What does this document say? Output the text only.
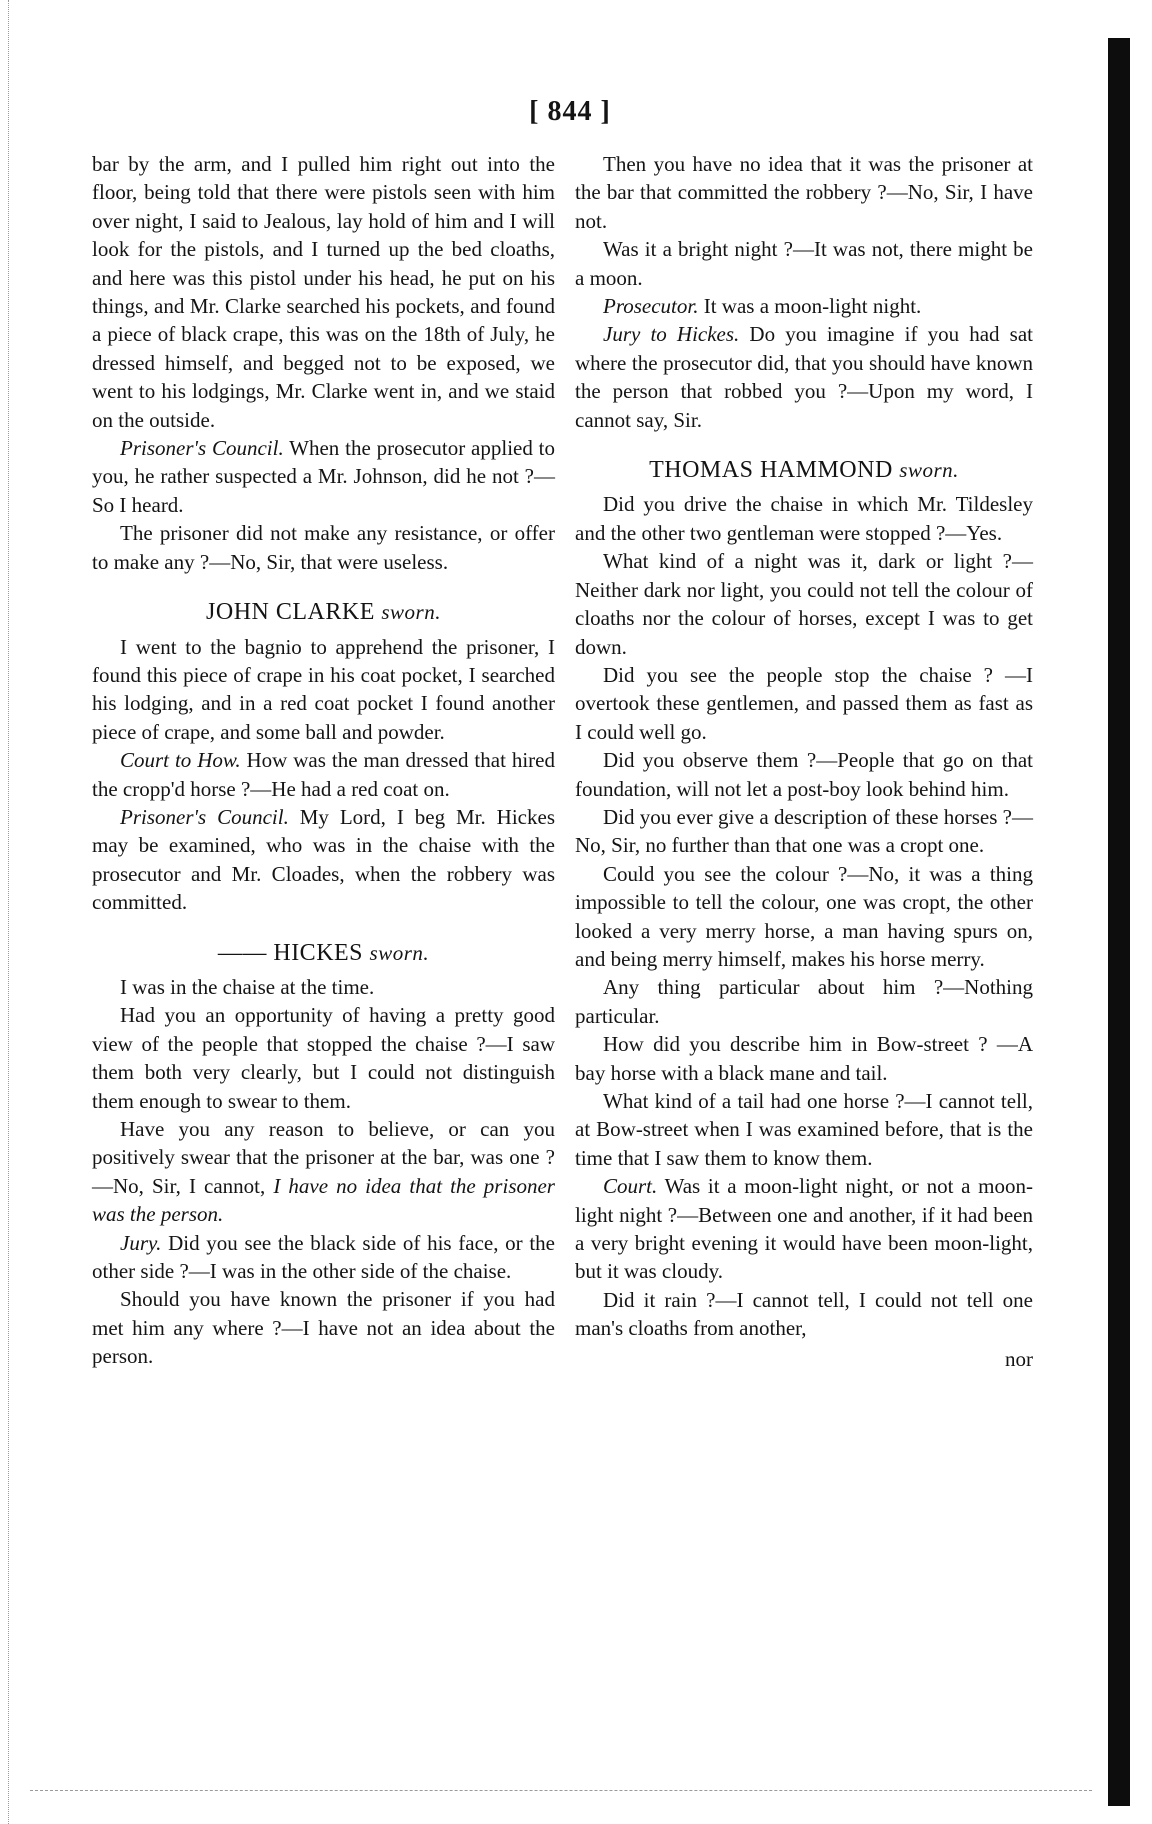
[ 844 ]

bar by the arm, and I pulled him right out into the floor, being told that there were pistols seen with him over night, I said to Jealous, lay hold of him and I will look for the pistols, and I turned up the bed cloaths, and here was this pistol under his head, he put on his things, and Mr. Clarke searched his pockets, and found a piece of black crape, this was on the 18th of July, he dressed himself, and begged not to be exposed, we went to his lodgings, Mr. Clarke went in, and we staid on the outside.

Prisoner's Council. When the prosecutor applied to you, he rather suspected a Mr. Johnson, did he not ?—So I heard.

The prisoner did not make any resistance, or offer to make any ?—No, Sir, that were useless.

JOHN CLARKE sworn.

I went to the bagnio to apprehend the prisoner, I found this piece of crape in his coat pocket, I searched his lodging, and in a red coat pocket I found another piece of crape, and some ball and powder.

Court to How. How was the man dressed that hired the cropp'd horse ?—He had a red coat on.

Prisoner's Council. My Lord, I beg Mr. Hickes may be examined, who was in the chaise with the prosecutor and Mr. Cloades, when the robbery was committed.

—— HICKES sworn.

I was in the chaise at the time.

Had you an opportunity of having a pretty good view of the people that stopped the chaise ?—I saw them both very clearly, but I could not distinguish them enough to swear to them.

Have you any reason to believe, or can you positively swear that the prisoner at the bar, was one ?—No, Sir, I cannot, I have no idea that the prisoner was the person.

Jury. Did you see the black side of his face, or the other side ?—I was in the other side of the chaise.

Should you have known the prisoner if you had met him any where ?—I have not an idea about the person.

Then you have no idea that it was the prisoner at the bar that committed the robbery ?—No, Sir, I have not.

Was it a bright night ?—It was not, there might be a moon.

Prosecutor. It was a moon-light night.

Jury to Hickes. Do you imagine if you had sat where the prosecutor did, that you should have known the person that robbed you ?—Upon my word, I cannot say, Sir.

THOMAS HAMMOND sworn.

Did you drive the chaise in which Mr. Tildesley and the other two gentleman were stopped ?—Yes.

What kind of a night was it, dark or light ?—Neither dark nor light, you could not tell the colour of cloaths nor the colour of horses, except I was to get down.

Did you see the people stop the chaise ? —I overtook these gentlemen, and passed them as fast as I could well go.

Did you observe them ?—People that go on that foundation, will not let a post-boy look behind him.

Did you ever give a description of these horses ?—No, Sir, no further than that one was a cropt one.

Could you see the colour ?—No, it was a thing impossible to tell the colour, one was cropt, the other looked a very merry horse, a man having spurs on, and being merry himself, makes his horse merry.

Any thing particular about him ?—Nothing particular.

How did you describe him in Bow-street ? —A bay horse with a black mane and tail.

What kind of a tail had one horse ?—I cannot tell, at Bow-street when I was examined before, that is the time that I saw them to know them.

Court. Was it a moon-light night, or not a moon-light night ?—Between one and another, if it had been a very bright evening it would have been moon-light, but it was cloudy.

Did it rain ?—I cannot tell, I could not tell one man's cloaths from another,

nor
